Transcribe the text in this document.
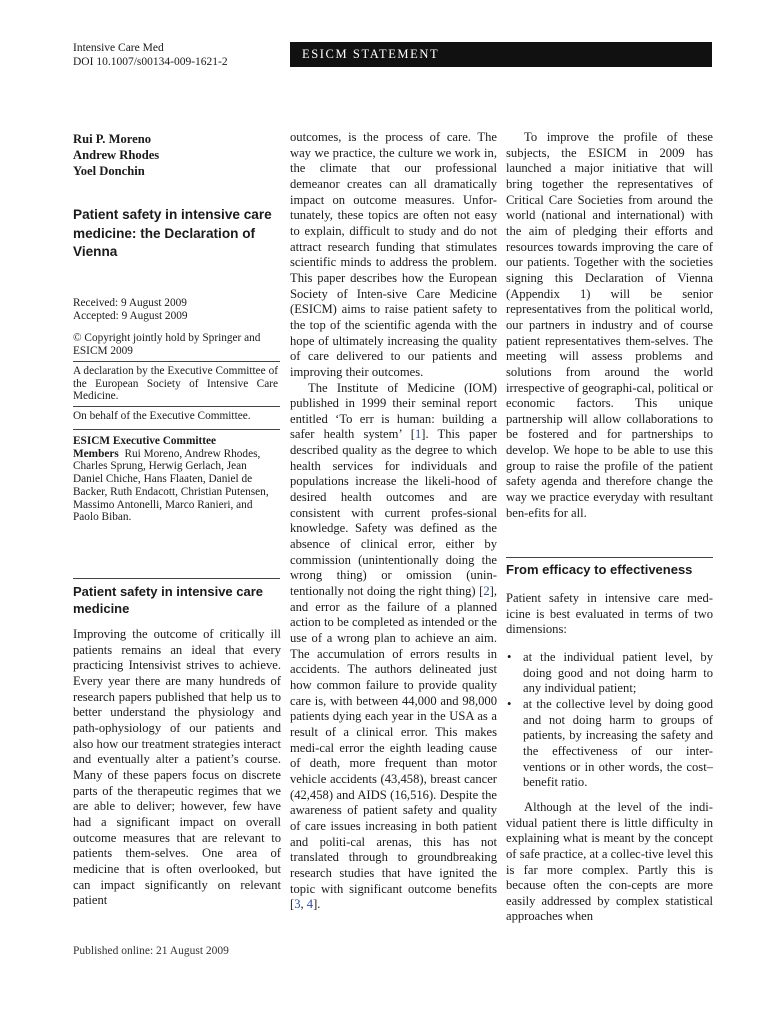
Intensive Care Med
DOI 10.1007/s00134-009-1621-2
ESICM STATEMENT
Rui P. Moreno
Andrew Rhodes
Yoel Donchin
Patient safety in intensive care medicine: the Declaration of Vienna
Received: 9 August 2009
Accepted: 9 August 2009
© Copyright jointly hold by Springer and ESICM 2009
A declaration by the Executive Committee of the European Society of Intensive Care Medicine.
On behalf of the Executive Committee.
ESICM Executive Committee Members Rui Moreno, Andrew Rhodes, Charles Sprung, Herwig Gerlach, Jean Daniel Chiche, Hans Flaaten, Daniel de Backer, Ruth Endacott, Christian Putensen, Massimo Antonelli, Marco Ranieri, and Paolo Biban.
Patient safety in intensive care medicine

Improving the outcome of critically ill patients remains an ideal that every practicing Intensivist strives to achieve. Every year there are many hundreds of research papers published that help us to better understand the physiology and path-ophysiology of our patients and also how our treatment strategies interact and eventually alter a patient’s course. Many of these papers focus on discrete parts of the therapeutic regimes that we are able to deliver; however, few have had a significant impact on overall outcome measures that are relevant to patients them-selves. One area of medicine that is often overlooked, but can impact significantly on relevant patient

outcomes, is the process of care. The way we practice, the culture we work in, the climate that our professional demeanor creates can all dramatically impact on outcome measures. Unfor-tunately, these topics are often not easy to explain, difficult to study and do not attract research funding that stimulates scientific minds to address the problem. This paper describes how the European Society of Inten-sive Care Medicine (ESICM) aims to raise patient safety to the top of the scientific agenda with the hope of ultimately increasing the quality of care delivered to our patients and improving their outcomes.

The Institute of Medicine (IOM) published in 1999 their seminal report entitled ‘To err is human: building a safer health system’ [1]. This paper described quality as the degree to which health services for individuals and populations increase the likeli-hood of desired health outcomes and are consistent with current profes-sional knowledge. Safety was defined as the absence of clinical error, either by commission (unintentionally doing the wrong thing) or omission (unin-tentionally not doing the right thing) [2], and error as the failure of a planned action to be completed as intended or the use of a wrong plan to achieve an aim. The accumulation of errors results in accidents. The authors delineated just how common failure to provide quality care is, with between 44,000 and 98,000 patients dying each year in the USA as a result of a clinical error. This makes medi-cal error the eighth leading cause of death, more frequent than motor vehicle accidents (43,458), breast cancer (42,458) and AIDS (16,516). Despite the awareness of patient safety and quality of care issues increasing in both patient and politi-cal arenas, this has not translated through to groundbreaking research studies that have ignited the topic with significant outcome benefits [3, 4].

To improve the profile of these subjects, the ESICM in 2009 has launched a major initiative that will bring together the representatives of Critical Care Societies from around the world (national and international) with the aim of pledging their efforts and resources towards improving the care of our patients. Together with the societies signing this Declaration of Vienna (Appendix 1) will be senior representatives from the political world, our partners in industry and of course patient representatives them-selves. The meeting will assess problems and solutions from around the world irrespective of geographi-cal, political or economic factors. This unique partnership will allow collaborations to be fostered and for partnerships to develop. We hope to be able to use this group to raise the profile of the patient safety agenda and therefore change the way we practice everyday with resultant ben-efits for all.

From efficacy to effectiveness

Patient safety in intensive care med-icine is best evaluated in terms of two dimensions:

• at the individual patient level, by doing good and not doing harm to any individual patient;
• at the collective level by doing good and not doing harm to groups of patients, by increasing the safety and the effectiveness of our inter-ventions or in other words, the cost–benefit ratio.

Although at the level of the indi-vidual patient there is little difficulty in explaining what is meant by the concept of safe practice, at a collec-tive level this is far more complex. Partly this is because often the con-cepts are more easily addressed by complex statistical approaches when

Published online: 21 August 2009
